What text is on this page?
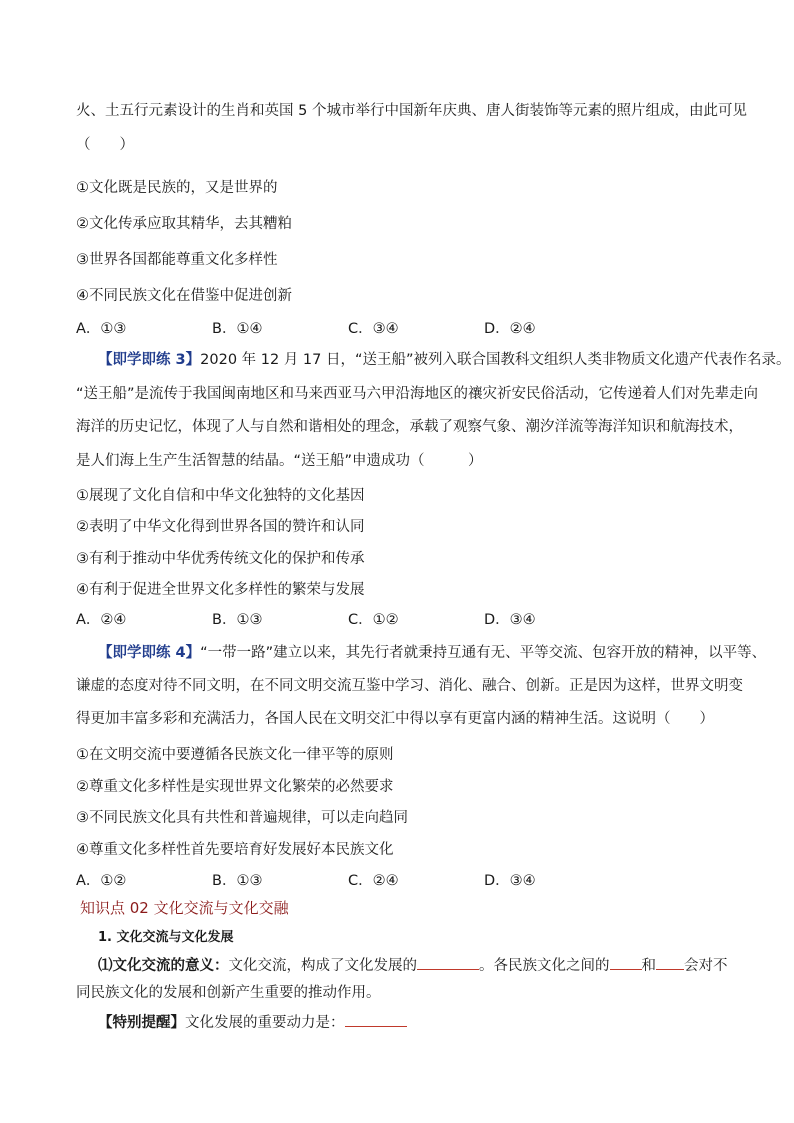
火、土五行元素设计的生肖和英国 5 个城市举行中国新年庆典、唐人街装饰等元素的照片组成，由此可见
（　　）
①文化既是民族的，又是世界的
②文化传承应取其精华，去其糟粕
③世界各国都能尊重文化多样性
④不同民族文化在借鉴中促进创新
A．①③	B．①④	C．③④	D．②④
【即学即练 3】2020 年 12 月 17 日，“送王船”被列入联合国教科文组织人类非物质文化遗产代表作名录。
“送王船”是流传于我国闽南地区和马来西亚马六甲沿海地区的禳灾祈安民俗活动，它传递着人们对先辈走向
海洋的历史记忆，体现了人与自然和谐相处的理念，承载了观察气象、潮汐洋流等海洋知识和航海技术，
是人们海上生产生活智慧的结晶。“送王船”申遗成功（　　　）
①展现了文化自信和中华文化独特的文化基因
②表明了中华文化得到世界各国的赞许和认同
③有利于推动中华优秀传统文化的保护和传承
④有利于促进全世界文化多样性的繁荣与发展
A．②④	B．①③	C．①②	D．③④
【即学即练 4】“一带一路”建立以来，其先行者就秉持互通有无、平等交流、包容开放的精神，以平等、
谦虚的态度对待不同文明，在不同文明交流互鉴中学习、消化、融合、创新。正是因为这样，世界文明变
得更加丰富多彩和充满活力，各国人民在文明交汇中得以享有更富内涵的精神生活。这说明（　　）
①在文明交流中要遵循各民族文化一律平等的原则
②尊重文化多样性是实现世界文化繁荣的必然要求
③不同民族文化具有共性和普遍规律，可以走向趋同
④尊重文化多样性首先要培育好发展好本民族文化
A．①②	B．①③	C．②④	D．③④
知识点 02 文化交流与文化交融
1. 文化交流与文化发展
⑴文化交流的意义：文化交流，构成了文化发展的	。各民族文化之间的 和 会对不
同民族文化的发展和创新产生重要的推动作用。
【特别提醒】文化发展的重要动力是：
